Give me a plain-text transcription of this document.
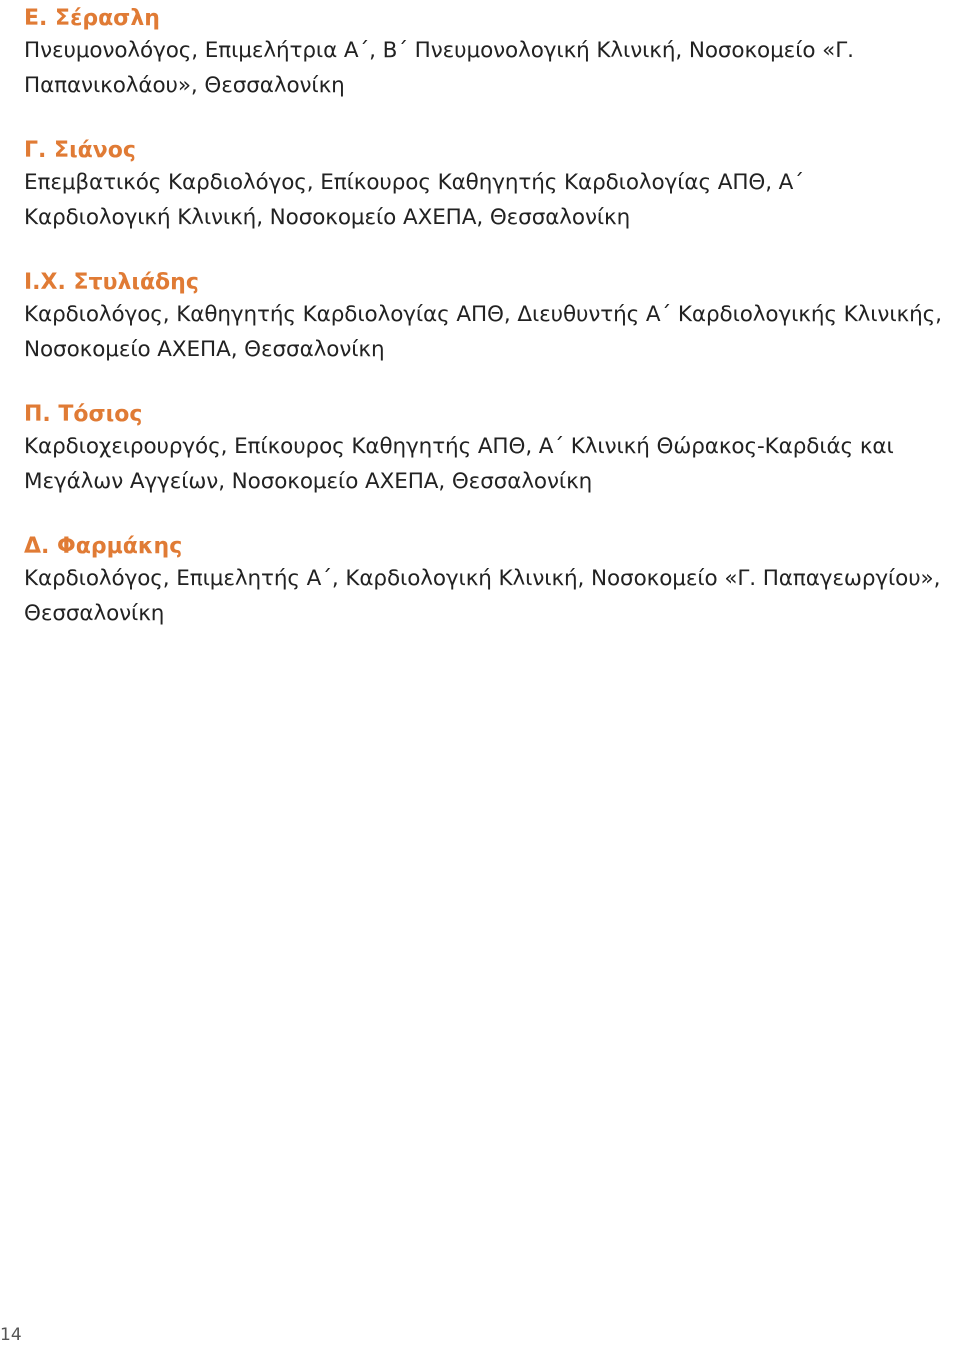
Ε. Σέρασλη

Πνευμονολόγος, Επιμελήτρια Α΄, Β΄ Πνευμονολογική Κλινική, Νοσοκομείο «Γ. Παπανικολάου», Θεσσαλονίκη

Γ. Σιάνος

Επεμβατικός Καρδιολόγος, Επίκουρος Καθηγητής Καρδιολογίας ΑΠΘ, Α΄ Καρδιολογική Κλινική, Νοσοκομείο ΑΧΕΠΑ, Θεσσαλονίκη

Ι.Χ. Στυλιάδης

Καρδιολόγος, Καθηγητής Καρδιολογίας ΑΠΘ, Διευθυντής Α΄ Καρδιολογικής Κλινικής, Νοσοκομείο ΑΧΕΠΑ, Θεσσαλονίκη

Π. Τόσιος

Καρδιοχειρουργός, Επίκουρος Καθηγητής ΑΠΘ, Α΄ Κλινική Θώρακος-Καρδιάς και Μεγάλων Αγγείων, Νοσοκομείο ΑΧΕΠΑ, Θεσσαλονίκη

Δ. Φαρμάκης

Καρδιολόγος, Επιμελητής Α΄, Καρδιολογική Κλινική, Νοσοκομείο «Γ. Παπαγεωργίου», Θεσσαλονίκη

14
